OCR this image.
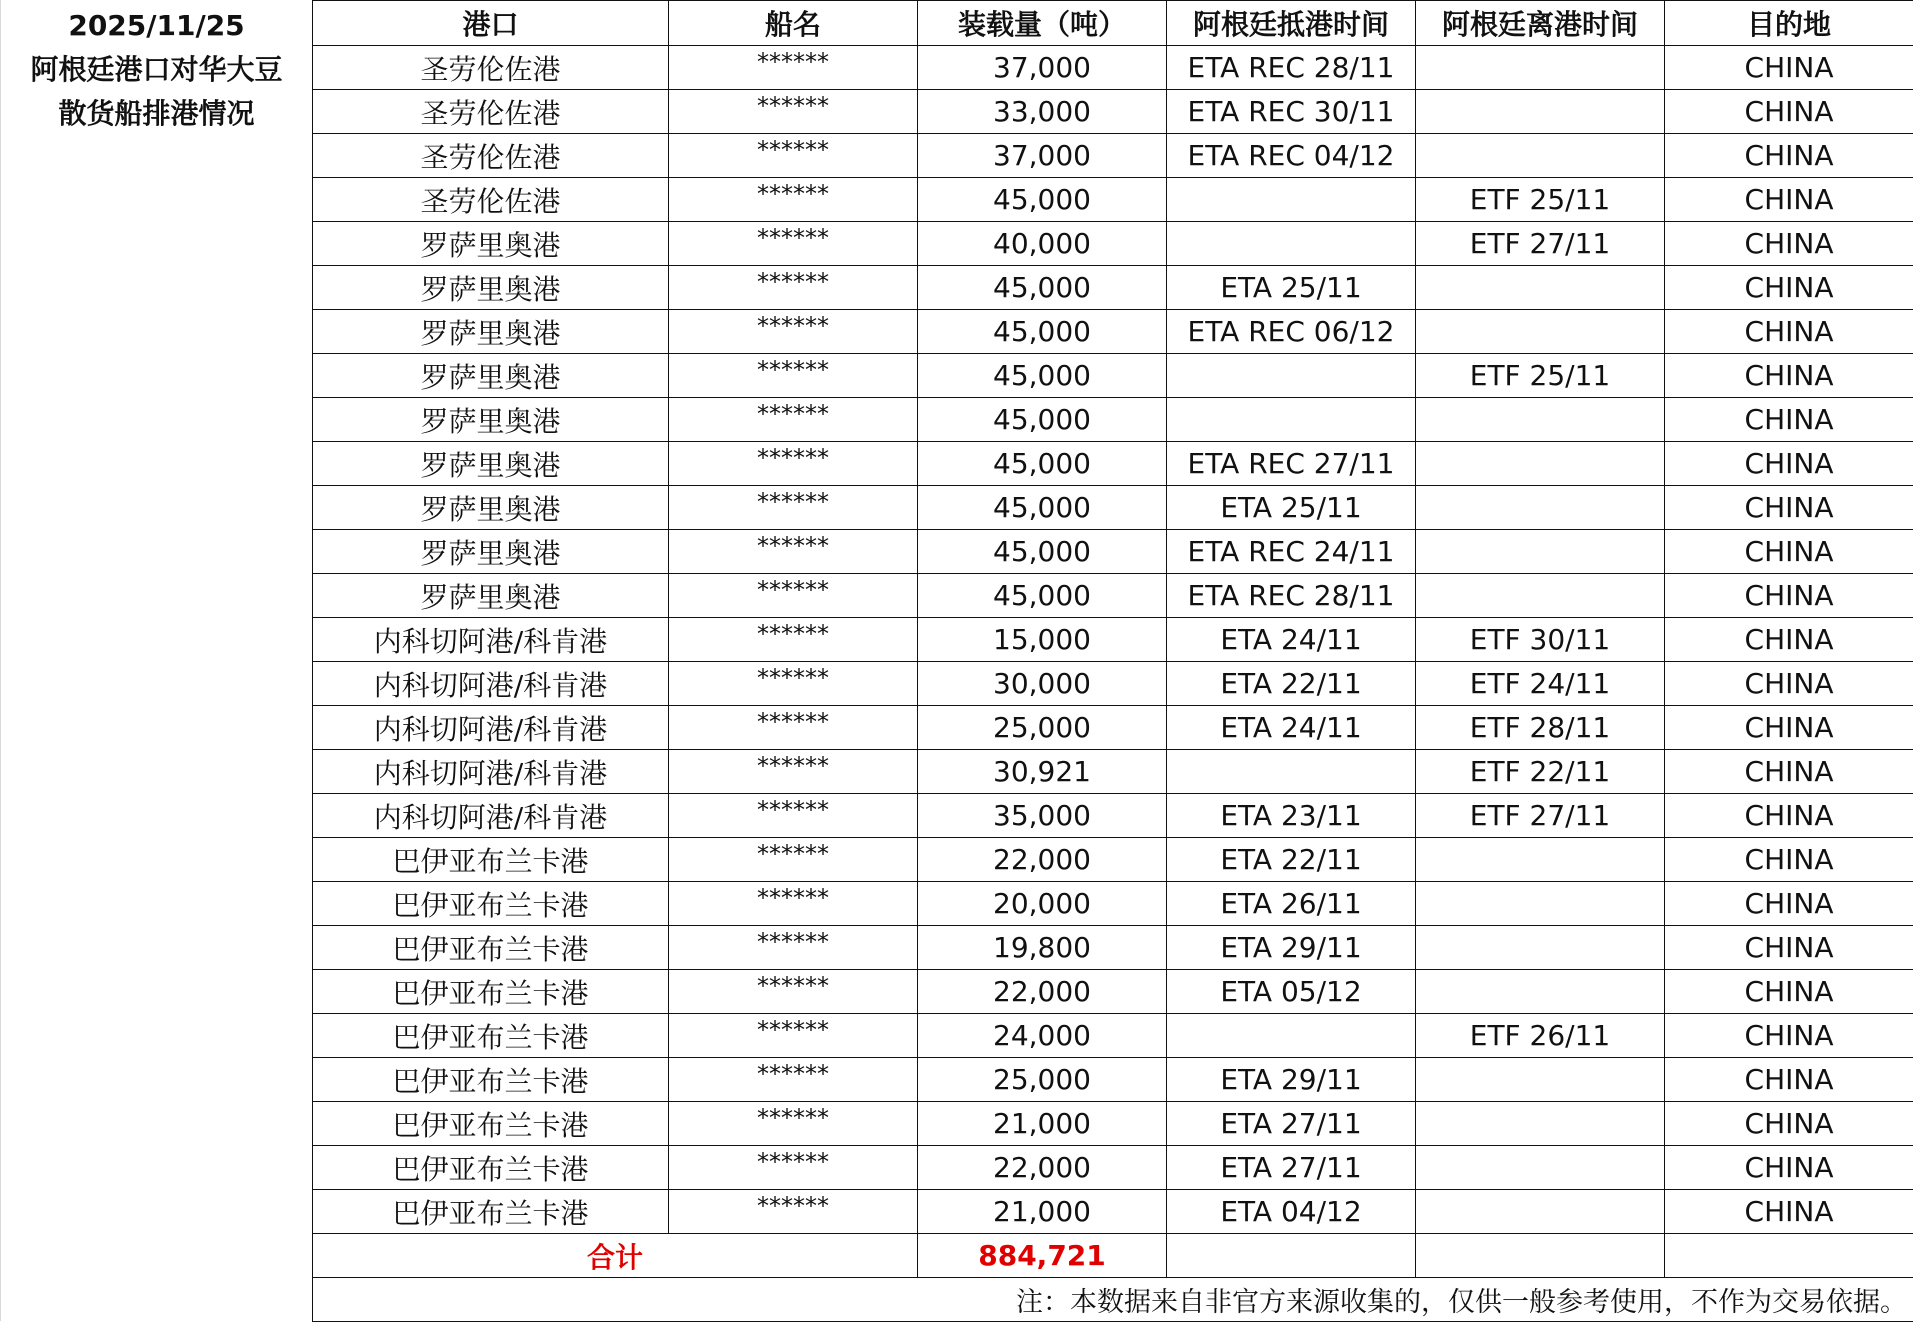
2025/11/25
阿根廷港口对华大豆
散货船排港情况
港口	船名	装载量（吨）	阿根廷抵港时间	阿根廷离港时间	目的地
圣劳伦佐港	******	37,000	ETA REC 28/11		CHINA
圣劳伦佐港	******	33,000	ETA REC 30/11		CHINA
圣劳伦佐港	******	37,000	ETA REC 04/12		CHINA
圣劳伦佐港	******	45,000		ETF 25/11	CHINA
罗萨里奥港	******	40,000		ETF 27/11	CHINA
罗萨里奥港	******	45,000	ETA 25/11		CHINA
罗萨里奥港	******	45,000	ETA REC 06/12		CHINA
罗萨里奥港	******	45,000		ETF 25/11	CHINA
罗萨里奥港	******	45,000			CHINA
罗萨里奥港	******	45,000	ETA REC 27/11		CHINA
罗萨里奥港	******	45,000	ETA 25/11		CHINA
罗萨里奥港	******	45,000	ETA REC 24/11		CHINA
罗萨里奥港	******	45,000	ETA REC 28/11		CHINA
内科切阿港/科肯港	******	15,000	ETA 24/11	ETF 30/11	CHINA
内科切阿港/科肯港	******	30,000	ETA 22/11	ETF 24/11	CHINA
内科切阿港/科肯港	******	25,000	ETA 24/11	ETF 28/11	CHINA
内科切阿港/科肯港	******	30,921		ETF 22/11	CHINA
内科切阿港/科肯港	******	35,000	ETA 23/11	ETF 27/11	CHINA
巴伊亚布兰卡港	******	22,000	ETA 22/11		CHINA
巴伊亚布兰卡港	******	20,000	ETA 26/11		CHINA
巴伊亚布兰卡港	******	19,800	ETA 29/11		CHINA
巴伊亚布兰卡港	******	22,000	ETA 05/12		CHINA
巴伊亚布兰卡港	******	24,000		ETF 26/11	CHINA
巴伊亚布兰卡港	******	25,000	ETA 29/11		CHINA
巴伊亚布兰卡港	******	21,000	ETA 27/11		CHINA
巴伊亚布兰卡港	******	22,000	ETA 27/11		CHINA
巴伊亚布兰卡港	******	21,000	ETA 04/12		CHINA
合计		884,721			
注：本数据来自非官方来源收集的，仅供一般参考使用，不作为交易依据。					
